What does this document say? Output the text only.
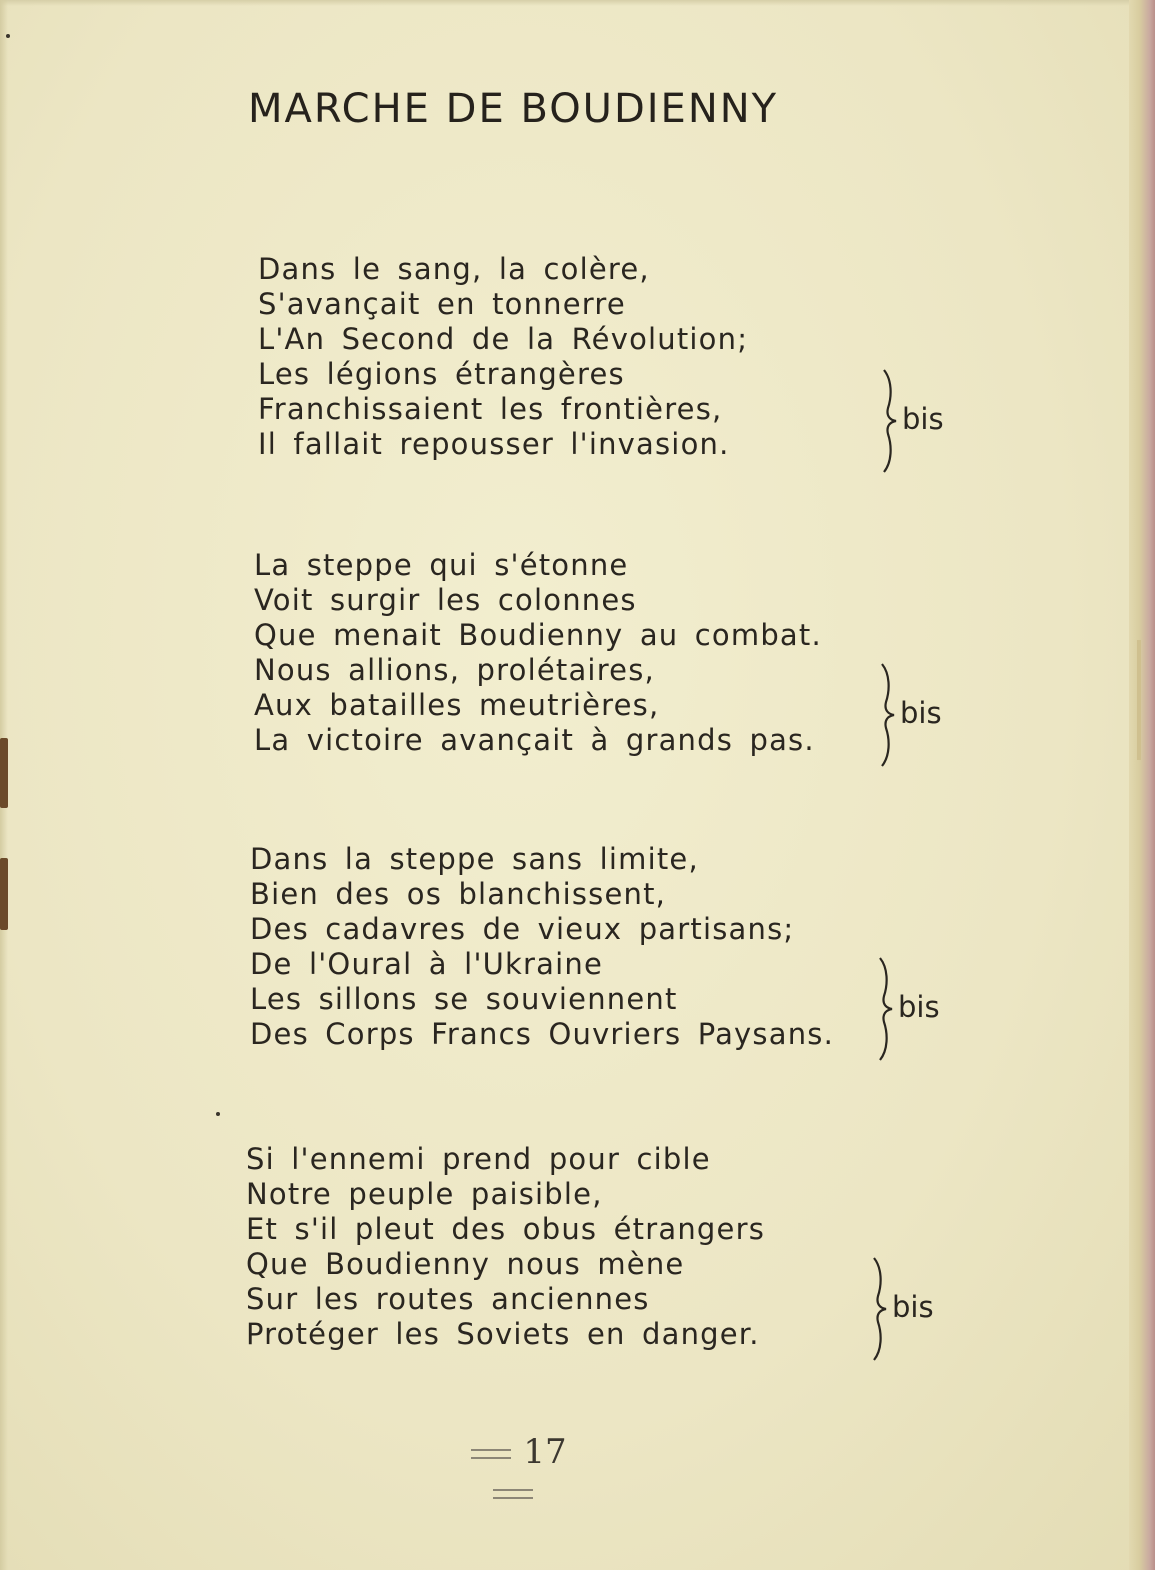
MARCHE DE BOUDIENNY
Dans le sang, la colère,
S'avançait en tonnerre
L'An Second de la Révolution;
Les légions étrangères
Franchissaient les frontières,
Il fallait repousser l'invasion.
bis
La steppe qui s'étonne
Voit surgir les colonnes
Que menait Boudienny au combat.
Nous allions, prolétaires,
Aux batailles meutrières,
La victoire avançait à grands pas.
bis
Dans la steppe sans limite,
Bien des os blanchissent,
Des cadavres de vieux partisans;
De l'Oural à l'Ukraine
Les sillons se souviennent
Des Corps Francs Ouvriers Paysans.
bis
Si l'ennemi prend pour cible
Notre peuple paisible,
Et s'il pleut des obus étrangers
Que Boudienny nous mène
Sur les routes anciennes
Protéger les Soviets en danger.
bis
17
